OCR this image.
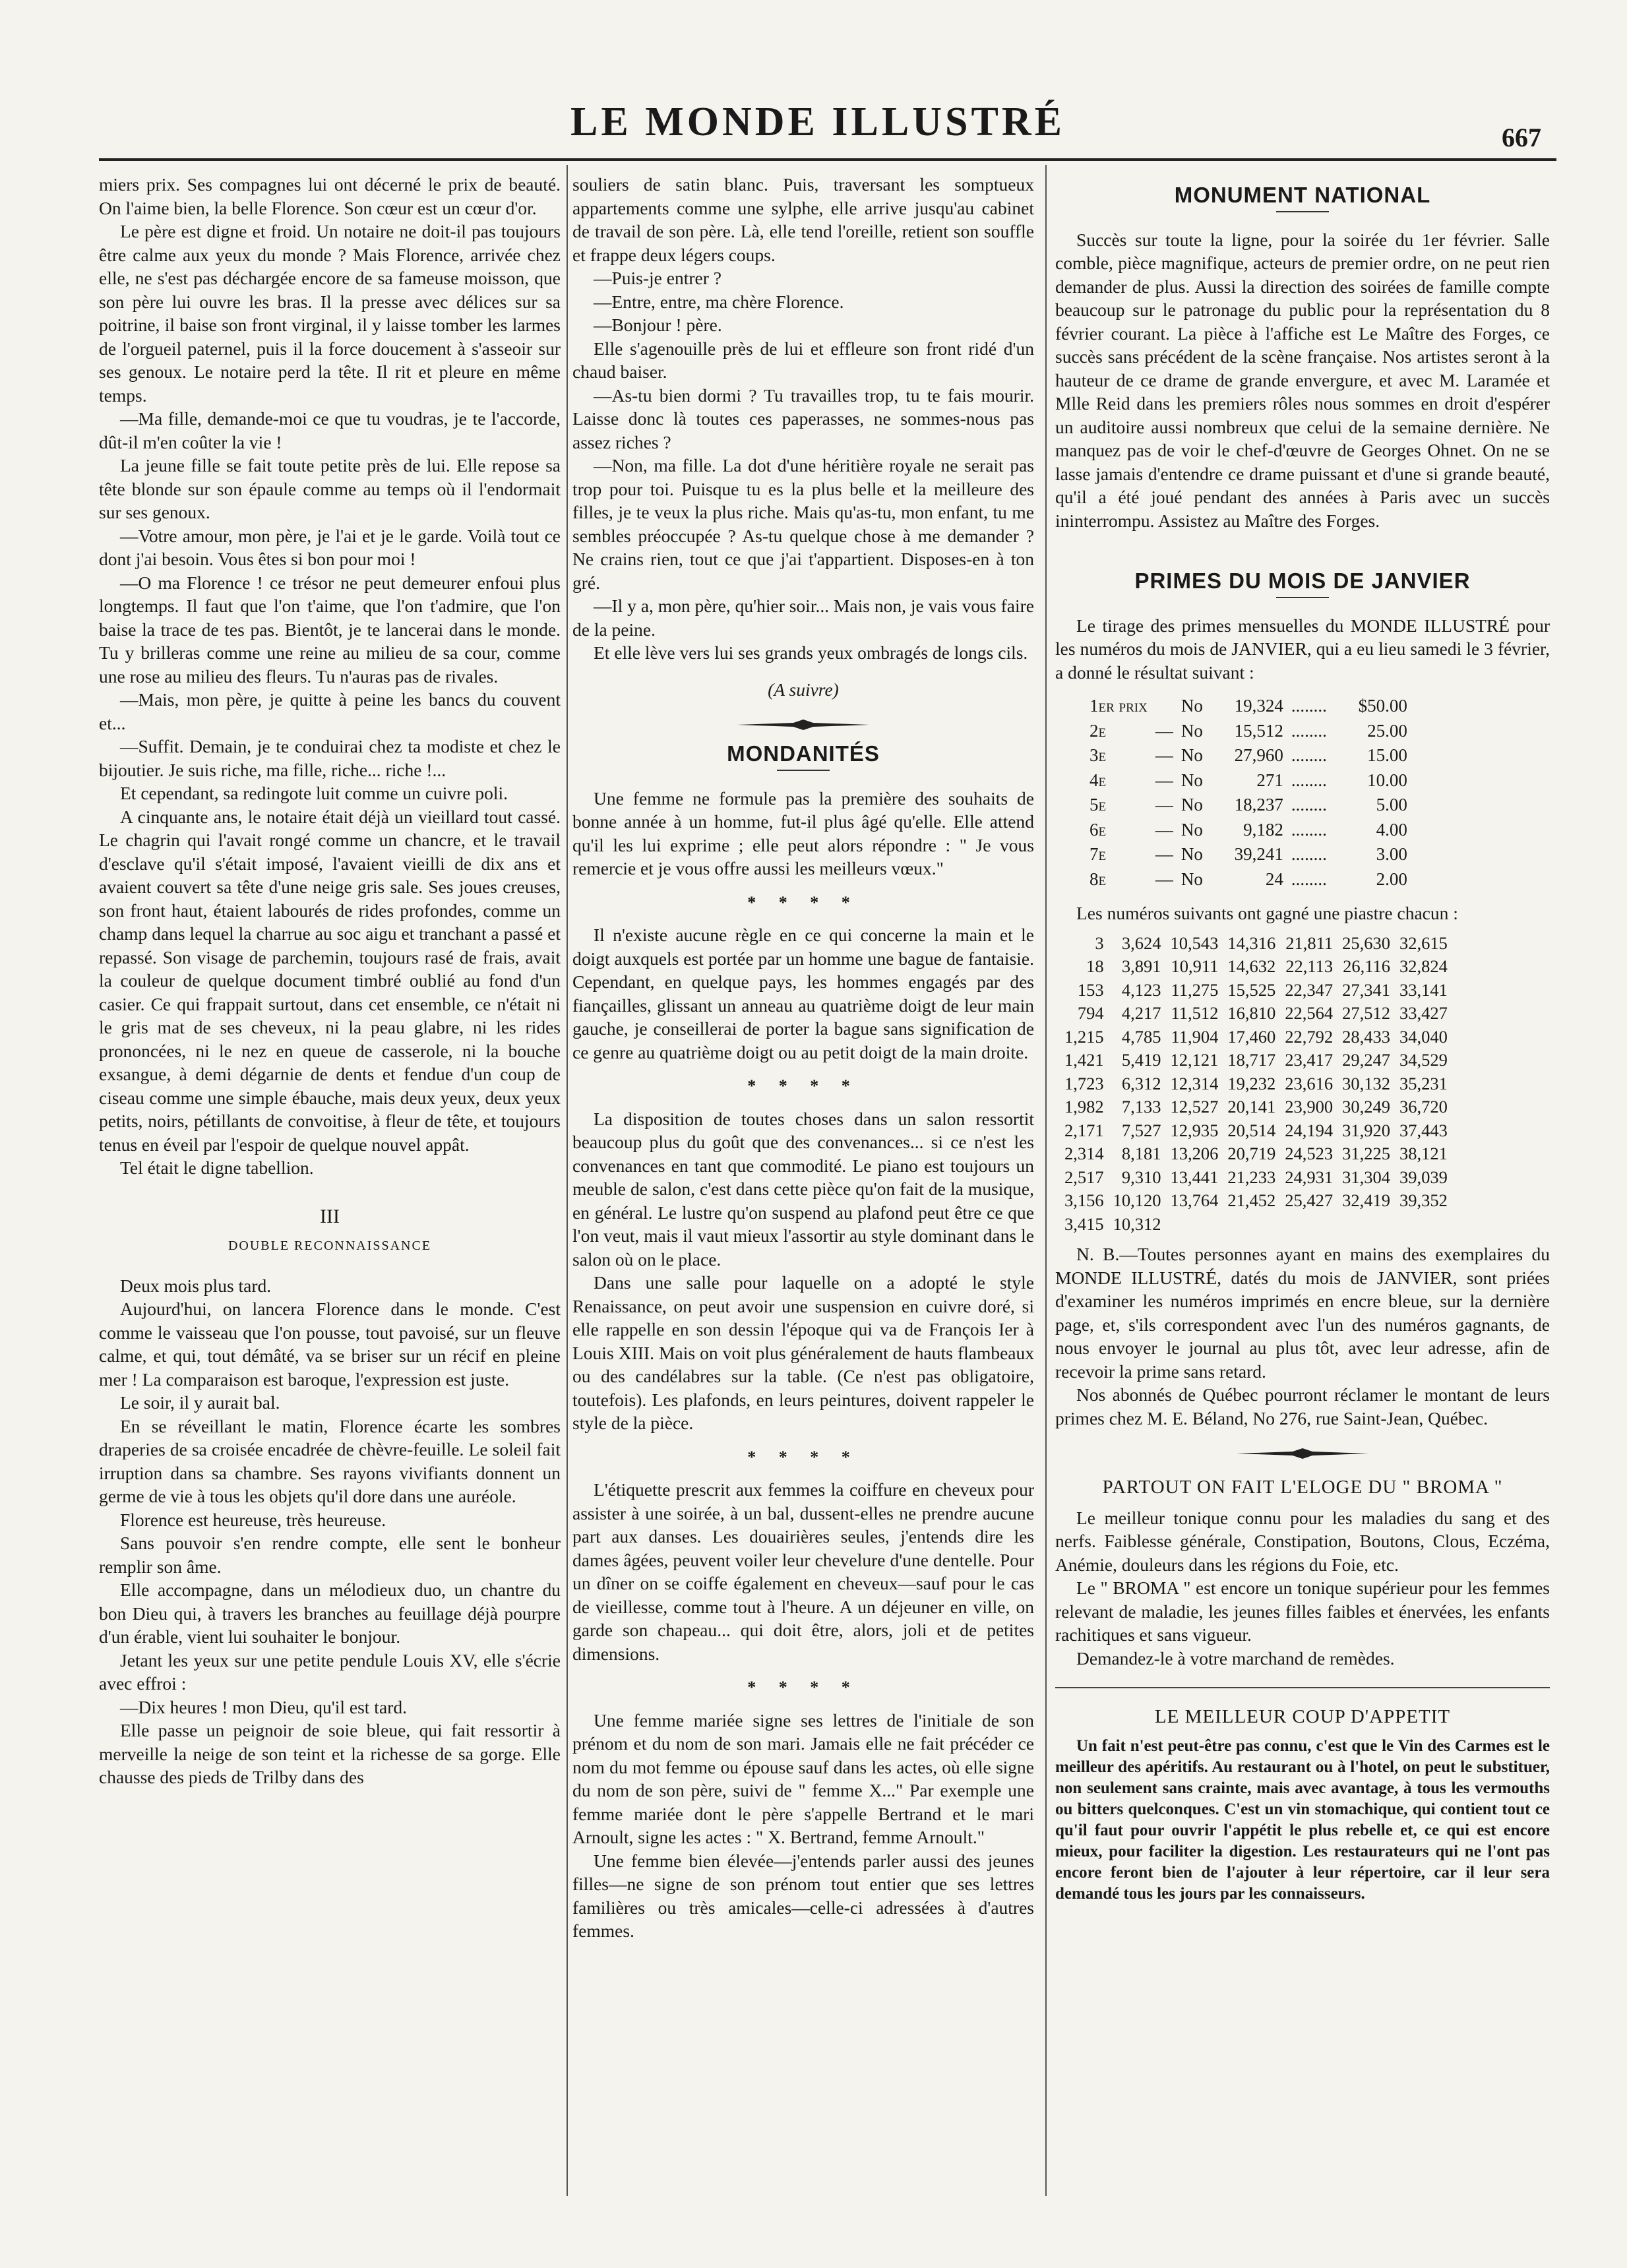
LE MONDE ILLUSTRÉ	667

miers prix. Ses compagnes lui ont décerné le prix de beauté. On l'aime bien, la belle Florence. Son cœur est un cœur d'or.

Le père est digne et froid. Un notaire ne doit-il pas toujours être calme aux yeux du monde ? Mais Florence, arrivée chez elle, ne s'est pas déchargée encore de sa fameuse moisson, que son père lui ouvre les bras. Il la presse avec délices sur sa poitrine, il baise son front virginal, il y laisse tomber les larmes de l'orgueil paternel, puis il la force doucement à s'asseoir sur ses genoux. Le notaire perd la tête. Il rit et pleure en même temps.

—Ma fille, demande-moi ce que tu voudras, je te l'accorde, dût-il m'en coûter la vie !

La jeune fille se fait toute petite près de lui. Elle repose sa tête blonde sur son épaule comme au temps où il l'endormait sur ses genoux.

—Votre amour, mon père, je l'ai et je le garde. Voilà tout ce dont j'ai besoin. Vous êtes si bon pour moi !

—O ma Florence ! ce trésor ne peut demeurer enfoui plus longtemps. Il faut que l'on t'aime, que l'on t'admire, que l'on baise la trace de tes pas. Bientôt, je te lancerai dans le monde. Tu y brilleras comme une reine au milieu de sa cour, comme une rose au milieu des fleurs. Tu n'auras pas de rivales.

—Mais, mon père, je quitte à peine les bancs du couvent et...

—Suffit. Demain, je te conduirai chez ta modiste et chez le bijoutier. Je suis riche, ma fille, riche... riche !...

Et cependant, sa redingote luit comme un cuivre poli.

A cinquante ans, le notaire était déjà un vieillard tout cassé. Le chagrin qui l'avait rongé comme un chancre, et le travail d'esclave qu'il s'était imposé, l'avaient vieilli de dix ans et avaient couvert sa tête d'une neige gris sale. Ses joues creuses, son front haut, étaient labourés de rides profondes, comme un champ dans lequel la charrue au soc aigu et tranchant a passé et repassé. Son visage de parchemin, toujours rasé de frais, avait la couleur de quelque document timbré oublié au fond d'un casier. Ce qui frappait surtout, dans cet ensemble, ce n'était ni le gris mat de ses cheveux, ni la peau glabre, ni les rides prononcées, ni le nez en queue de casserole, ni la bouche exsangue, à demi dégarnie de dents et fendue d'un coup de ciseau comme une simple ébauche, mais deux yeux, deux yeux petits, noirs, pétillants de convoitise, à fleur de tête, et toujours tenus en éveil par l'espoir de quelque nouvel appât.

Tel était le digne tabellion.

III
DOUBLE RECONNAISSANCE

Deux mois plus tard.

Aujourd'hui, on lancera Florence dans le monde. C'est comme le vaisseau que l'on pousse, tout pavoisé, sur un fleuve calme, et qui, tout démâté, va se briser sur un récif en pleine mer ! La comparaison est baroque, l'expression est juste.

Le soir, il y aurait bal.

En se réveillant le matin, Florence écarte les sombres draperies de sa croisée encadrée de chèvre-feuille. Le soleil fait irruption dans sa chambre. Ses rayons vivifiants donnent un germe de vie à tous les objets qu'il dore dans une auréole.

Florence est heureuse, très heureuse.

Sans pouvoir s'en rendre compte, elle sent le bonheur remplir son âme.

Elle accompagne, dans un mélodieux duo, un chantre du bon Dieu qui, à travers les branches au feuillage déjà pourpre d'un érable, vient lui souhaiter le bonjour.

Jetant les yeux sur une petite pendule Louis XV, elle s'écrie avec effroi :

—Dix heures ! mon Dieu, qu'il est tard.

Elle passe un peignoir de soie bleue, qui fait ressortir à merveille la neige de son teint et la richesse de sa gorge. Elle chausse des pieds de Trilby dans des

souliers de satin blanc. Puis, traversant les somptueux appartements comme une sylphe, elle arrive jusqu'au cabinet de travail de son père. Là, elle tend l'oreille, retient son souffle et frappe deux légers coups.

—Puis-je entrer ?

—Entre, entre, ma chère Florence.

—Bonjour ! père.

Elle s'agenouille près de lui et effleure son front ridé d'un chaud baiser.

—As-tu bien dormi ? Tu travailles trop, tu te fais mourir. Laisse donc là toutes ces paperasses, ne sommes-nous pas assez riches ?

—Non, ma fille. La dot d'une héritière royale ne serait pas trop pour toi. Puisque tu es la plus belle et la meilleure des filles, je te veux la plus riche. Mais qu'as-tu, mon enfant, tu me sembles préoccupée ? As-tu quelque chose à me demander ? Ne crains rien, tout ce que j'ai t'appartient. Disposes-en à ton gré.

—Il y a, mon père, qu'hier soir... Mais non, je vais vous faire de la peine.

Et elle lève vers lui ses grands yeux ombragés de longs cils.

(A suivre)

MONDANITÉS

Une femme ne formule pas la première des souhaits de bonne année à un homme, fut-il plus âgé qu'elle. Elle attend qu'il les lui exprime ; elle peut alors répondre : " Je vous remercie et je vous offre aussi les meilleurs vœux."

* * * *

Il n'existe aucune règle en ce qui concerne la main et le doigt auxquels est portée par un homme une bague de fantaisie. Cependant, en quelque pays, les hommes engagés par des fiançailles, glissant un anneau au quatrième doigt de leur main gauche, je conseillerai de porter la bague sans signification de ce genre au quatrième doigt ou au petit doigt de la main droite.

* * * *

La disposition de toutes choses dans un salon ressortit beaucoup plus du goût que des convenances... si ce n'est les convenances en tant que commodité. Le piano est toujours un meuble de salon, c'est dans cette pièce qu'on fait de la musique, en général. Le lustre qu'on suspend au plafond peut être ce que l'on veut, mais il vaut mieux l'assortir au style dominant dans le salon où on le place.

Dans une salle pour laquelle on a adopté le style Renaissance, on peut avoir une suspension en cuivre doré, si elle rappelle en son dessin l'époque qui va de François Ier à Louis XIII. Mais on voit plus généralement de hauts flambeaux ou des candélabres sur la table. (Ce n'est pas obligatoire, toutefois). Les plafonds, en leurs peintures, doivent rappeler le style de la pièce.

* * * *

L'étiquette prescrit aux femmes la coiffure en cheveux pour assister à une soirée, à un bal, dussent-elles ne prendre aucune part aux danses. Les douairières seules, j'entends dire les dames âgées, peuvent voiler leur chevelure d'une dentelle. Pour un dîner on se coiffe également en cheveux—sauf pour le cas de vieillesse, comme tout à l'heure. A un déjeuner en ville, on garde son chapeau... qui doit être, alors, joli et de petites dimensions.

* * * *

Une femme mariée signe ses lettres de l'initiale de son prénom et du nom de son mari. Jamais elle ne fait précéder ce nom du mot femme ou épouse sauf dans les actes, où elle signe du nom de son père, suivi de " femme X..." Par exemple une femme mariée dont le père s'appelle Bertrand et le mari Arnoult, signe les actes : " X. Bertrand, femme Arnoult."

Une femme bien élevée—j'entends parler aussi des jeunes filles—ne signe de son prénom tout entier que ses lettres familières ou très amicales—celle-ci adressées à d'autres femmes.

MONUMENT NATIONAL

Succès sur toute la ligne, pour la soirée du 1er février. Salle comble, pièce magnifique, acteurs de premier ordre, on ne peut rien demander de plus. Aussi la direction des soirées de famille compte beaucoup sur le patronage du public pour la représentation du 8 février courant. La pièce à l'affiche est Le Maître des Forges, ce succès sans précédent de la scène française. Nos artistes seront à la hauteur de ce drame de grande envergure, et avec M. Laramée et Mlle Reid dans les premiers rôles nous sommes en droit d'espérer un auditoire aussi nombreux que celui de la semaine dernière. Ne manquez pas de voir le chef-d'œuvre de Georges Ohnet. On ne se lasse jamais d'entendre ce drame puissant et d'une si grande beauté, qu'il a été joué pendant des années à Paris avec un succès ininterrompu. Assistez au Maître des Forges.

PRIMES DU MOIS DE JANVIER

Le tirage des primes mensuelles du MONDE ILLUSTRÉ pour les numéros du mois de JANVIER, qui a eu lieu samedi le 3 février, a donné le résultat suivant :

1er prix		No	19,324	........	$50.00
2e	—	No	15,512	........	25.00
3e	—	No	27,960	........	15.00
4e	—	No	271	........	10.00
5e	—	No	18,237	........	5.00
6e	—	No	9,182	........	4.00
7e	—	No	39,241	........	3.00
8e	—	No	24	........	2.00

Les numéros suivants ont gagné une piastre chacun :

3	3,624	10,543	14,316	21,811	25,630	32,615
18	3,891	10,911	14,632	22,113	26,116	32,824
153	4,123	11,275	15,525	22,347	27,341	33,141
794	4,217	11,512	16,810	22,564	27,512	33,427
1,215	4,785	11,904	17,460	22,792	28,433	34,040
1,421	5,419	12,121	18,717	23,417	29,247	34,529
1,723	6,312	12,314	19,232	23,616	30,132	35,231
1,982	7,133	12,527	20,141	23,900	30,249	36,720
2,171	7,527	12,935	20,514	24,194	31,920	37,443
2,314	8,181	13,206	20,719	24,523	31,225	38,121
2,517	9,310	13,441	21,233	24,931	31,304	39,039
3,156	10,120	13,764	21,452	25,427	32,419	39,352
3,415	10,312					

N. B.—Toutes personnes ayant en mains des exemplaires du MONDE ILLUSTRÉ, datés du mois de JANVIER, sont priées d'examiner les numéros imprimés en encre bleue, sur la dernière page, et, s'ils correspondent avec l'un des numéros gagnants, de nous envoyer le journal au plus tôt, avec leur adresse, afin de recevoir la prime sans retard.

Nos abonnés de Québec pourront réclamer le montant de leurs primes chez M. E. Béland, No 276, rue Saint-Jean, Québec.

PARTOUT ON FAIT L'ELOGE DU " BROMA "

Le meilleur tonique connu pour les maladies du sang et des nerfs. Faiblesse générale, Constipation, Boutons, Clous, Eczéma, Anémie, douleurs dans les régions du Foie, etc.

Le " BROMA " est encore un tonique supérieur pour les femmes relevant de maladie, les jeunes filles faibles et énervées, les enfants rachitiques et sans vigueur.

Demandez-le à votre marchand de remèdes.

LE MEILLEUR COUP D'APPETIT

Un fait n'est peut-être pas connu, c'est que le Vin des Carmes est le meilleur des apéritifs. Au restaurant ou à l'hotel, on peut le substituer, non seulement sans crainte, mais avec avantage, à tous les vermouths ou bitters quelconques. C'est un vin stomachique, qui contient tout ce qu'il faut pour ouvrir l'appétit le plus rebelle et, ce qui est encore mieux, pour faciliter la digestion. Les restaurateurs qui ne l'ont pas encore feront bien de l'ajouter à leur répertoire, car il leur sera demandé tous les jours par les connaisseurs.
